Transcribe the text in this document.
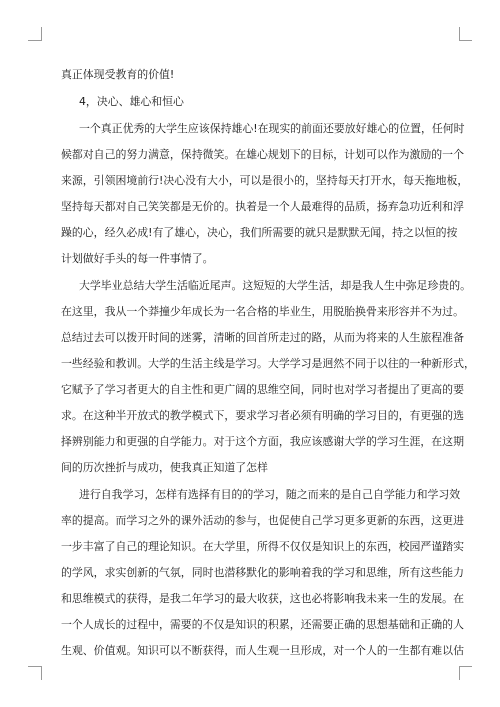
真正体现受教育的价值!
4，决心、雄心和恒心
一个真正优秀的大学生应该保持雄心!在现实的前面还要放好雄心的位置，任何时
候都对自己的努力满意，保持微笑。在雄心规划下的目标，计划可以作为激励的一个
来源，引领困境前行!决心没有大小，可以是很小的，坚持每天打开水，每天拖地板，
坚持每天都对自己笑笑都是无价的。执着是一个人最难得的品质，扬弃急功近利和浮
躁的心，经久必成!有了雄心，决心，我们所需要的就只是默默无闻，持之以恒的按
计划做好手头的每一件事情了。
大学毕业总结大学生活临近尾声。这短短的大学生活，却是我人生中弥足珍贵的。
在这里，我从一个莽撞少年成长为一名合格的毕业生，用脱胎换骨来形容并不为过。
总结过去可以拨开时间的迷雾，清晰的回首所走过的路，从而为将来的人生旅程准备
一些经验和教训。大学的生活主线是学习。大学学习是迥然不同于以往的一种新形式，
它赋予了学习者更大的自主性和更广阔的思维空间，同时也对学习者提出了更高的要
求。在这种半开放式的教学模式下，要求学习者必须有明确的学习目的，有更强的选
择辨别能力和更强的自学能力。对于这个方面，我应该感谢大学的学习生涯，在这期
间的历次挫折与成功，使我真正知道了怎样
进行自我学习，怎样有选择有目的的学习，随之而来的是自己自学能力和学习效
率的提高。而学习之外的课外活动的参与，也促使自己学习更多更新的东西，这更进
一步丰富了自己的理论知识。在大学里，所得不仅仅是知识上的东西，校园严谨踏实
的学风，求实创新的气氛，同时也潜移默化的影响着我的学习和思维，所有这些能力
和思维模式的获得，是我二年学习的最大收获，这也必将影响我未来一生的发展。在
一个人成长的过程中，需要的不仅是知识的积累，还需要正确的思想基础和正确的人
生观、价值观。知识可以不断获得，而人生观一旦形成，对一个人的一生都有难以估
